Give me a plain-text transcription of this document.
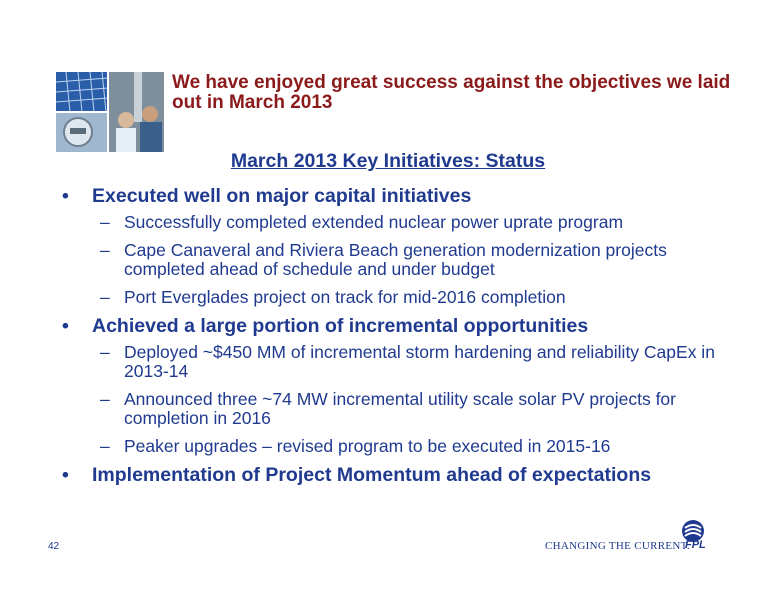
We have enjoyed great success against the objectives we laid out in March 2013
March 2013 Key Initiatives: Status
• Executed well on major capital initiatives
– Successfully completed extended nuclear power uprate program
– Cape Canaveral and Riviera Beach generation modernization projects completed ahead of schedule and under budget
– Port Everglades project on track for mid-2016 completion
• Achieved a large portion of incremental opportunities
– Deployed ~$450 MM of incremental storm hardening and reliability CapEx in 2013-14
– Announced three ~74 MW incremental utility scale solar PV projects for completion in 2016
– Peaker upgrades – revised program to be executed in 2015-16
• Implementation of Project Momentum ahead of expectations
42	CHANGING THE CURRENT.
FPL
